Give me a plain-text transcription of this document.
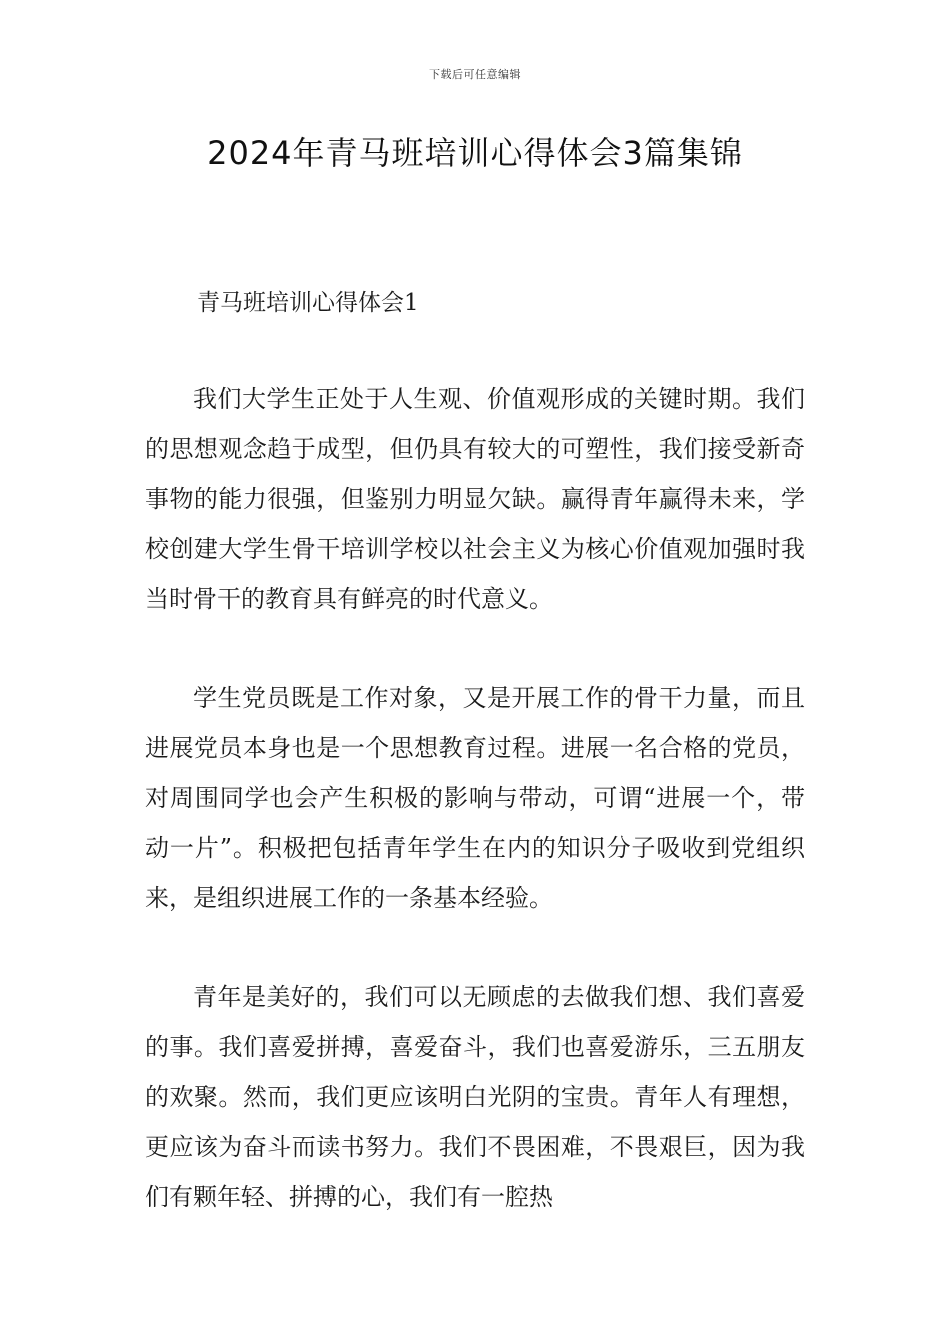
下载后可任意编辑
2024年青马班培训心得体会3篇集锦

青马班培训心得体会1

我们大学生正处于人生观、价值观形成的关键时期。我们的思想观念趋于成型，但仍具有较大的可塑性，我们接受新奇事物的能力很强，但鉴别力明显欠缺。赢得青年赢得未来，学校创建大学生骨干培训学校以社会主义为核心价值观加强时我当时骨干的教育具有鲜亮的时代意义。

学生党员既是工作对象，又是开展工作的骨干力量，而且进展党员本身也是一个思想教育过程。进展一名合格的党员，对周围同学也会产生积极的影响与带动，可谓“进展一个，带动一片”。积极把包括青年学生在内的知识分子吸收到党组织来，是组织进展工作的一条基本经验。

青年是美好的，我们可以无顾虑的去做我们想、我们喜爱的事。我们喜爱拼搏，喜爱奋斗，我们也喜爱游乐，三五朋友的欢聚。然而，我们更应该明白光阴的宝贵。青年人有理想，更应该为奋斗而读书努力。我们不畏困难，不畏艰巨，因为我们有颗年轻、拼搏的心，我们有一腔热
